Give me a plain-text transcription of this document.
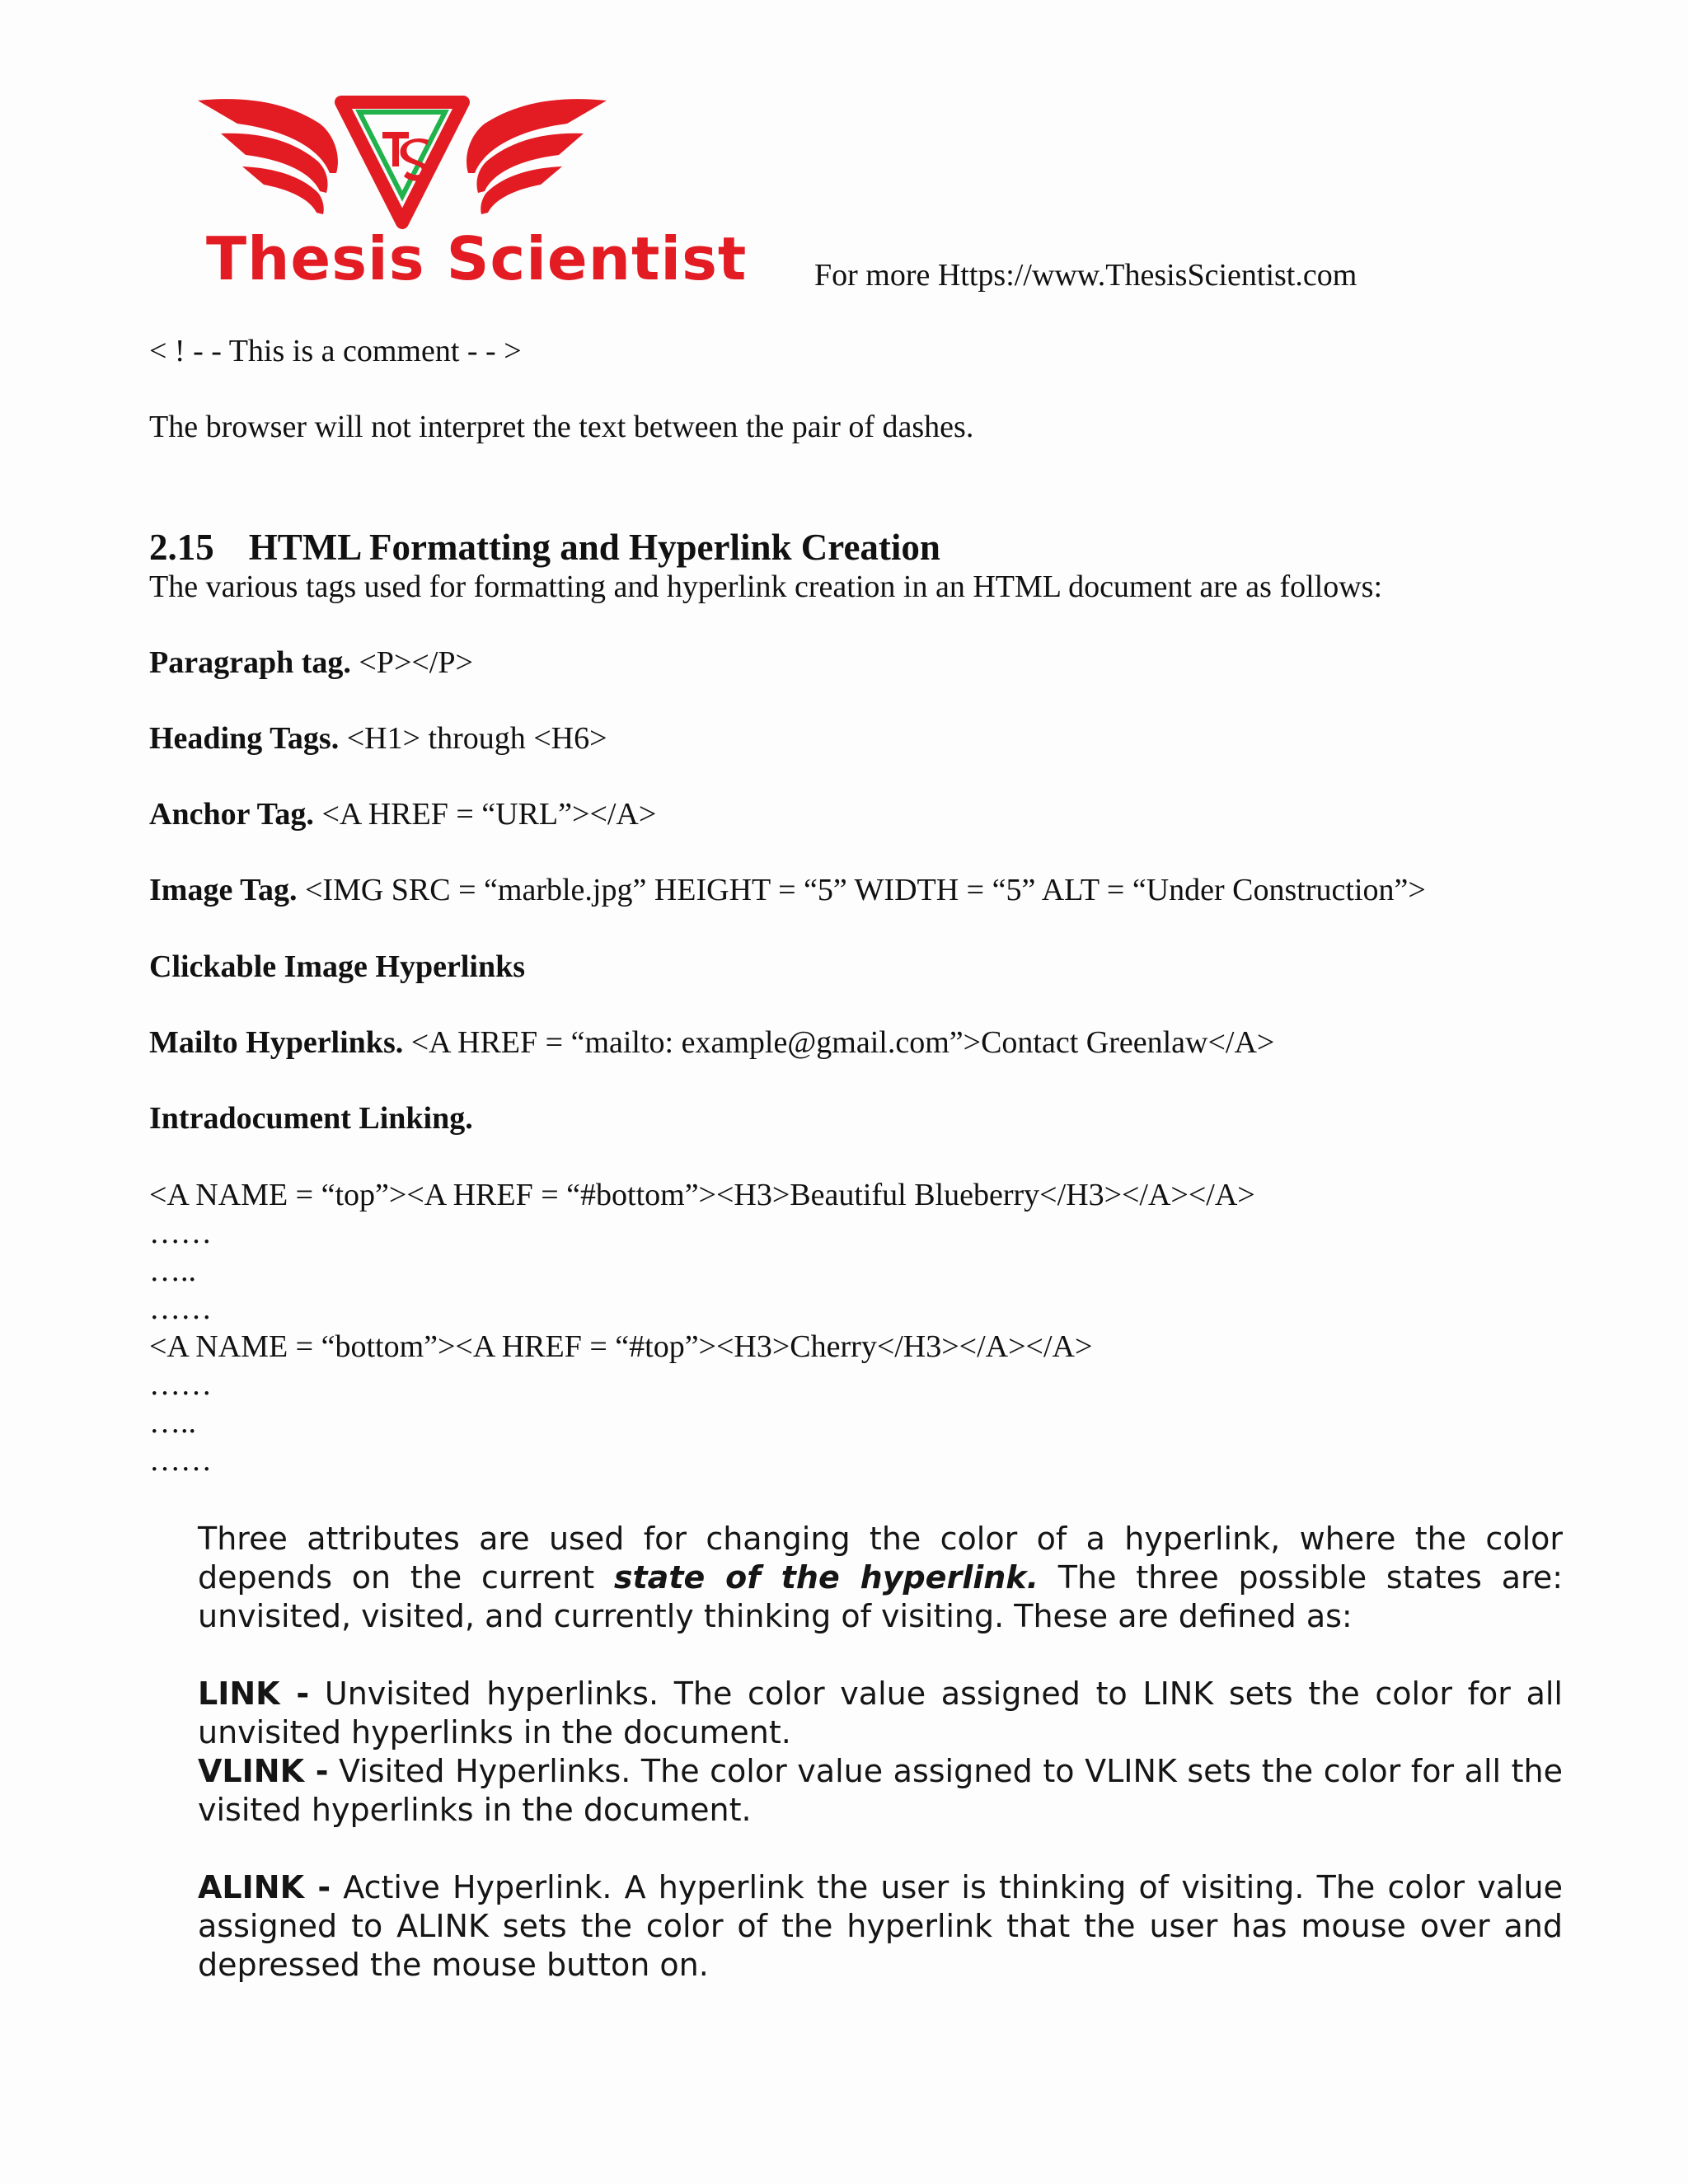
Thesis Scientist For more Https://www.ThesisScientist.com
< ! - - This is a comment - - >
The browser will not interpret the text between the pair of dashes.
2.15 HTML Formatting and Hyperlink Creation
The various tags used for formatting and hyperlink creation in an HTML document are as follows:
Paragraph tag. <P></P>
Heading Tags. <H1> through <H6>
Anchor Tag. <A HREF = “URL”></A>
Image Tag. <IMG SRC = “marble.jpg” HEIGHT = “5” WIDTH = “5” ALT = “Under Construction”>
Clickable Image Hyperlinks
Mailto Hyperlinks. <A HREF = “mailto: example@gmail.com”>Contact Greenlaw</A>
Intradocument Linking.
<A NAME = “top”><A HREF = “#bottom”><H3>Beautiful Blueberry</H3></A></A>
……
…..
……
<A NAME = “bottom”><A HREF = “#top”><H3>Cherry</H3></A></A>
……
…..
……
Three attributes are used for changing the color of a hyperlink, where the color depends on the current state of the hyperlink. The three possible states are: unvisited, visited, and currently thinking of visiting. These are defined as:
LINK - Unvisited hyperlinks. The color value assigned to LINK sets the color for all unvisited hyperlinks in the document.
VLINK - Visited Hyperlinks. The color value assigned to VLINK sets the color for all the visited hyperlinks in the document.
ALINK - Active Hyperlink. A hyperlink the user is thinking of visiting. The color value assigned to ALINK sets the color of the hyperlink that the user has mouse over and depressed the mouse button on.
